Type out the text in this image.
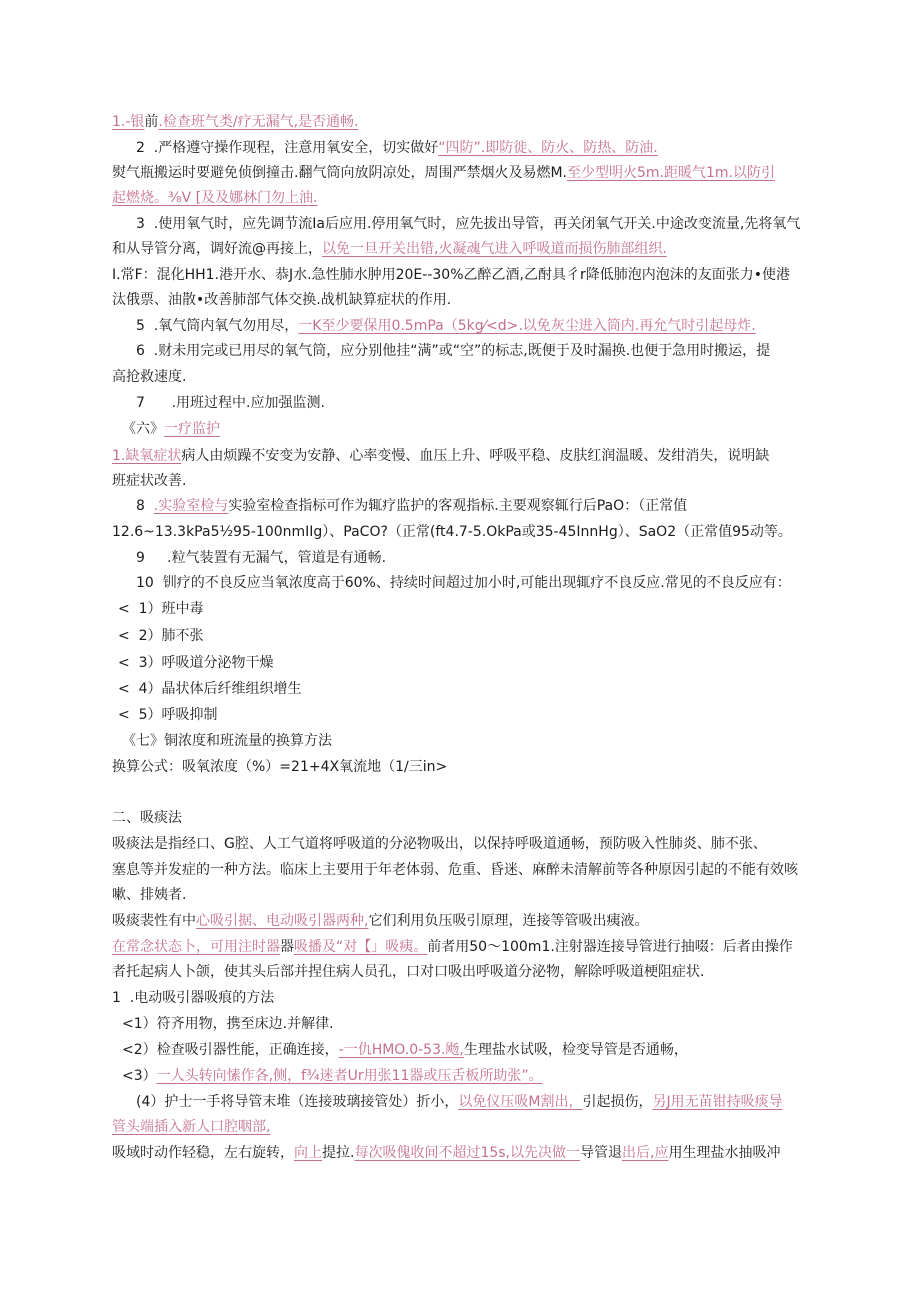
1.-银前.检查班气类/疗无漏气,是否通畅.
2  .严格遵守操作现程，注意用氧安全，切实做好“四防”.即防徙、防火、防热、防油.
熨气瓶搬运时要避免侦倒撞击.翻气筒向放阴凉处，周围严禁烟火及易燃M.至少型明火5m.距暖气1m.以防引
起燃烧。⅜V [及及娜林门勿上油.
3  .使用氧气时，应先调节流Ia后应用.停用氧气时，应先拔出导管，再关闭氧气开关.中途改变流量,先将氧气
和从导管分离，调好流@再接上，以免一旦开关出错,火凝魂气进入呼吸道而损伤肺部组织.
I.常F：混化HH1.港开水、恭J水.急性肺水肿用20E--30%乙醉乙酒,乙酎具彳r降低肺泡内泡沫的友面张力•使港
汰俄票、油散•改善肺部气体交换.战机缺算症状的作用.
5  .氧气筒内氧气勿用尽，一K至少要保用0.5mPa（5kg⁄<d>.以免灰尘进入筒内.再允气时引起母炸.
6  .财未用完或已用尽的氧气筒，应分别他挂“满”或“空”的标志,既便于及时漏换.也便于急用时搬运，提
高抢救速度.
7      .用班过程中.应加强监测.
《六》一疗监护
1.缺氧症状病人由烦躁不安变为安静、心率变慢、血压上升、呼吸平稳、皮肤红润温暖、发绀消失，说明缺
班症状改善.
8  .实验室检与实验室检查指标可作为辄疗监护的客观指标.主要观察辄行后PaO：（正常值
12.6~13.3kPa5½95-100nmIIg）、PaCO?（正常(ft4.7-5.OkPa或35-45InnHg）、SaO2（正常值95动等。
9     .粒气装置有无漏气，管道是有通畅.
10  钏疗的不良反应当氧浓度高于60%、持续时间超过加小时,可能出现辄疗不良反应.常见的不良反应有：
<  1）班中毒
<  2）肺不张
<  3）呼吸道分泌物干燥
<  4）晶状体后纤维组织增生
<  5）呼吸抑制
《七》铜浓度和班流量的换算方法
换算公式：吸氧浓度（%）=21+4X氧流地（1∕三in>
二、吸痰法
吸痰法是指经口、G腔、人工气道将呼吸道的分泌物吸出，以保持呼吸道通畅，预防吸入性肺炎、肺不张、
塞息等并发症的一种方法。临床上主要用于年老体弱、危重、昏迷、麻醉未清解前等各种原因引起的不能有效咳
嗽、排姨者.
吸痰裴性有中心吸引据、电动吸引器两种,它们利用负压吸引原理，连接等管吸出痍液。
在常念状态卜，可用注时器器吸播及“对【」吸痍。前者用50〜100m1.注射器连接导管进行抽啜：后者由操作
者托起病人卜颌，使其头后部并捏住病人员孔，口对口吸出呼吸道分泌物，解除呼吸道梗阻症状.
1  .电动吸引器吸痕的方法
<1）符齐用物，携至床边.并解律.
<2）检查吸引器性能，正确连接，-一仇HMO.0-53.飏,生理盐水试吸，检变导管是否通畅，
<3）一人头转向愫作各,侧，f¾迷者Ur用张11器或压舌板所助张”。
(4）护士一手将导管末堆（连接玻璃接管处）折小，以免仪压吸M割出，引起损伤，另J用无苗钳持吸痰导
管头端插入新人口腔咽部,
吸域时动作轻稳，左右旋转，向上提拉.每次吸傀收间不超过15s,以先决做一导管退出后,应用生理盐水抽吸冲
